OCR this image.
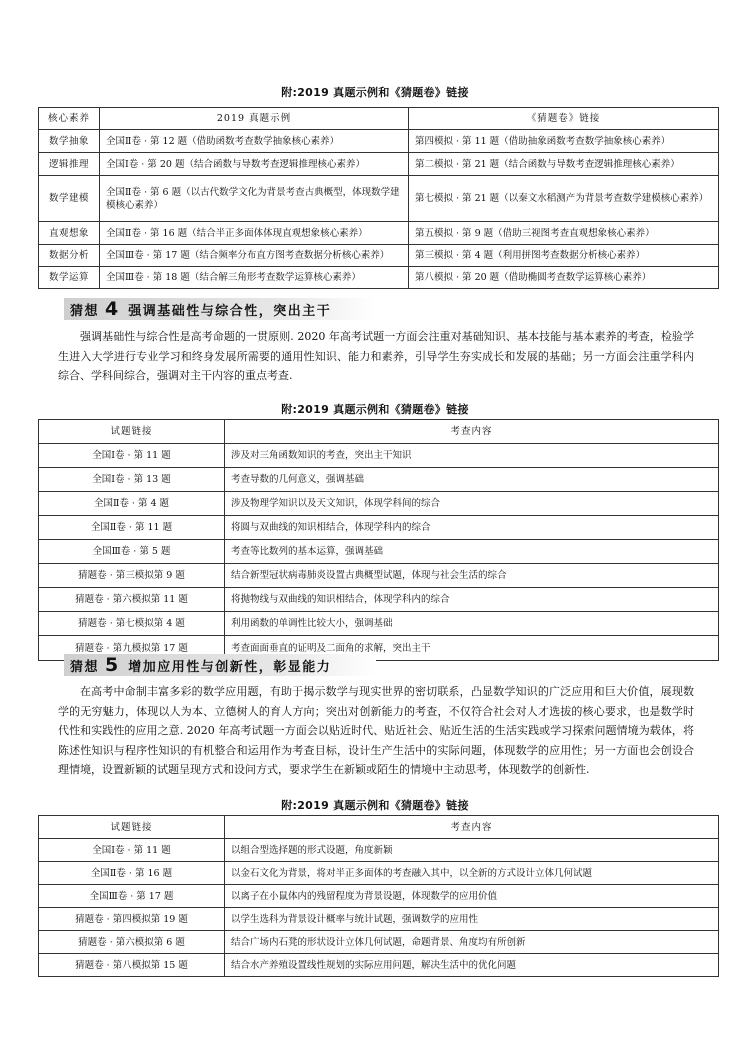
附:2019 真题示例和《猜题卷》链接
核心素养	2019 真题示例	《猜题卷》链接
数学抽象	全国Ⅱ卷 · 第 12 题（借助函数考查数学抽象核心素养）	第四模拟 · 第 11 题（借助抽象函数考查数学抽象核心素养）
逻辑推理	全国Ⅰ卷 · 第 20 题（结合函数与导数考查逻辑推理核心素养）	第二模拟 · 第 21 题（结合函数与导数考查逻辑推理核心素养）
数学建模	全国Ⅱ卷 · 第 6 题（以古代数学文化为背景考查古典概型，体现数学建模核心素养）	第七模拟 · 第 21 题（以秦文水稻测产为背景考查数学建模核心素养）
直观想象	全国Ⅱ卷 · 第 16 题（结合半正多面体体现直观想象核心素养）	第五模拟 · 第 9 题（借助三视图考查直观想象核心素养）
数据分析	全国Ⅲ卷 · 第 17 题（结合频率分布直方图考查数据分析核心素养）	第三模拟 · 第 4 题（利用拼图考查数据分析核心素养）
数学运算	全国Ⅲ卷 · 第 18 题（结合解三角形考查数学运算核心素养）	第八模拟 · 第 20 题（借助椭圆考查数学运算核心素养）
猜想 4 强调基础性与综合性，突出主干

强调基础性与综合性是高考命题的一贯原则. 2020 年高考试题一方面会注重对基础知识、基本技能与基本素养的考查，检验学生进入大学进行专业学习和终身发展所需要的通用性知识、能力和素养，引导学生夯实成长和发展的基础；另一方面会注重学科内综合、学科间综合，强调对主干内容的重点考查.

附:2019 真题示例和《猜题卷》链接
试题链接	考查内容
全国Ⅰ卷 · 第 11 题	涉及对三角函数知识的考查，突出主干知识
全国Ⅰ卷 · 第 13 题	考查导数的几何意义，强调基础
全国Ⅱ卷 · 第 4 题	涉及物理学知识以及天文知识，体现学科间的综合
全国Ⅱ卷 · 第 11 题	将圆与双曲线的知识相结合，体现学科内的综合
全国Ⅲ卷 · 第 5 题	考查等比数列的基本运算，强调基础
猜题卷 · 第三模拟第 9 题	结合新型冠状病毒肺炎设置古典概型试题，体现与社会生活的综合
猜题卷 · 第六模拟第 11 题	将抛物线与双曲线的知识相结合，体现学科内的综合
猜题卷 · 第七模拟第 4 题	利用函数的单调性比较大小，强调基础
猜题卷 · 第九模拟第 17 题	考查面面垂直的证明及二面角的求解，突出主干
猜想 5 增加应用性与创新性，彰显能力

在高考中命制丰富多彩的数学应用题，有助于揭示数学与现实世界的密切联系，凸显数学知识的广泛应用和巨大价值，展现数学的无穷魅力，体现以人为本、立德树人的育人方向；突出对创新能力的考查，不仅符合社会对人才选拔的核心要求，也是数学时代性和实践性的应用之意. 2020 年高考试题一方面会以贴近时代、贴近社会、贴近生活的生活实践或学习探索问题情境为载体，将陈述性知识与程序性知识的有机整合和运用作为考查目标，设计生产生活中的实际问题，体现数学的应用性；另一方面也会创设合理情境，设置新颖的试题呈现方式和设问方式，要求学生在新颖或陌生的情境中主动思考，体现数学的创新性.

附:2019 真题示例和《猜题卷》链接
试题链接	考查内容
全国Ⅰ卷 · 第 11 题	以组合型选择题的形式设题，角度新颖
全国Ⅱ卷 · 第 16 题	以金石文化为背景，将对半正多面体的考查融入其中，以全新的方式设计立体几何试题
全国Ⅲ卷 · 第 17 题	以离子在小鼠体内的残留程度为背景设题，体现数学的应用价值
猜题卷 · 第四模拟第 19 题	以学生选科为背景设计概率与统计试题，强调数学的应用性
猜题卷 · 第六模拟第 6 题	结合广场内石凳的形状设计立体几何试题，命题背景、角度均有所创新
猜题卷 · 第八模拟第 15 题	结合水产养殖设置线性规划的实际应用问题，解决生活中的优化问题
